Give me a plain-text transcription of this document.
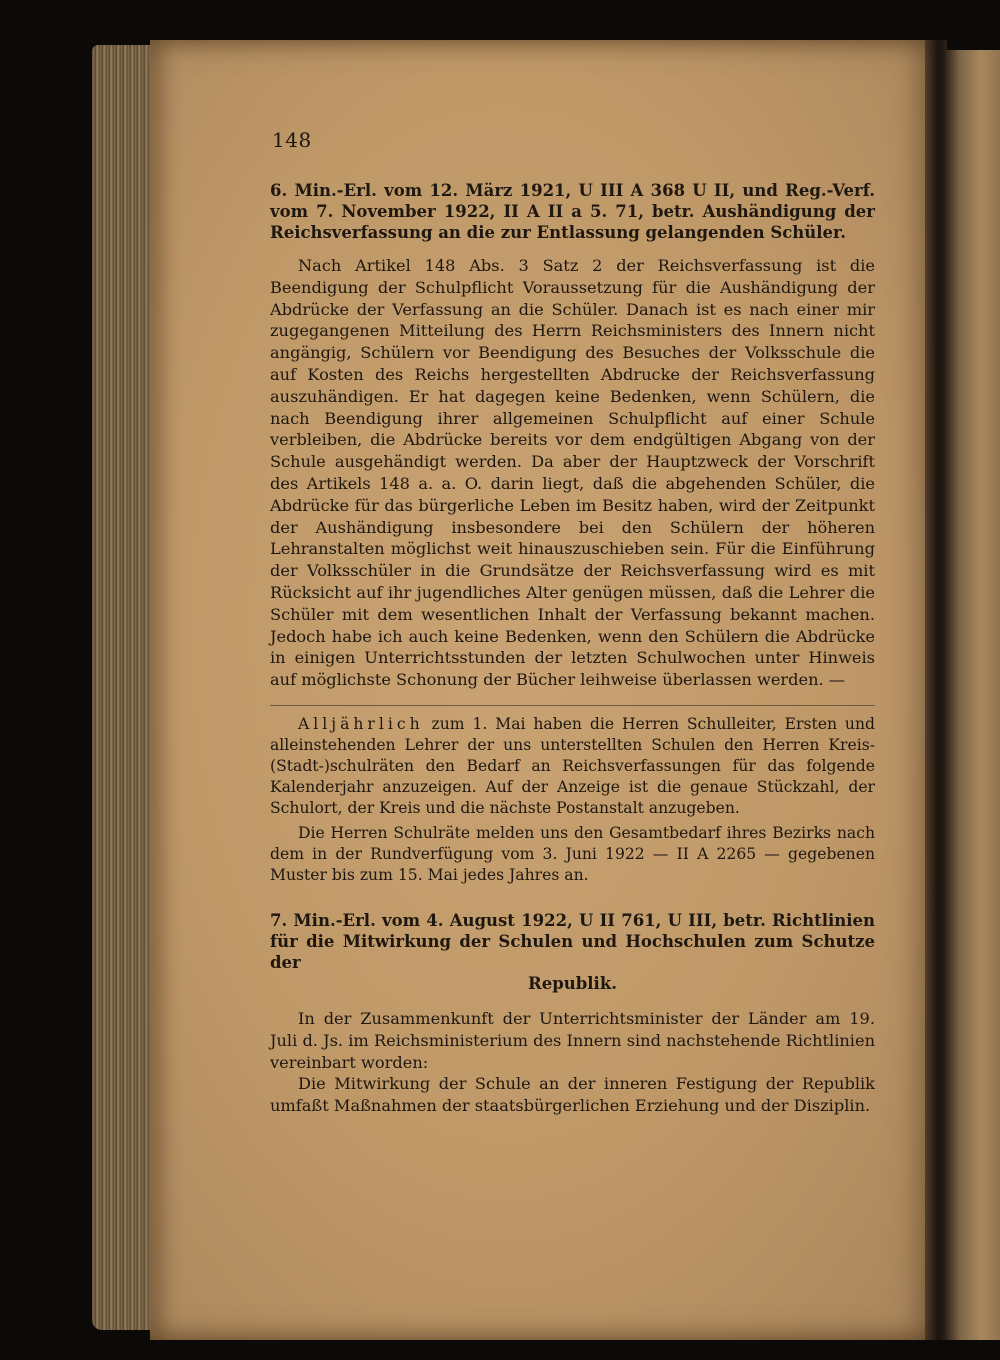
148
6. Min.-Erl. vom 12. März 1921, U III A 368 U II, und Reg.-Verf. vom 7. November 1922, II A II a 5. 71, betr. Aushändigung der Reichsverfassung an die zur Entlassung gelangenden Schüler.

Nach Artikel 148 Abs. 3 Satz 2 der Reichsverfassung ist die Beendigung der Schulpflicht Voraussetzung für die Aushändigung der Abdrücke der Verfassung an die Schüler. Danach ist es nach einer mir zugegangenen Mitteilung des Herrn Reichsministers des Innern nicht angängig, Schülern vor Beendigung des Besuches der Volksschule die auf Kosten des Reichs hergestellten Abdrucke der Reichsverfassung auszuhändigen. Er hat dagegen keine Bedenken, wenn Schülern, die nach Beendigung ihrer allgemeinen Schulpflicht auf einer Schule verbleiben, die Abdrücke bereits vor dem endgültigen Abgang von der Schule ausgehändigt werden. Da aber der Hauptzweck der Vorschrift des Artikels 148 a. a. O. darin liegt, daß die abgehenden Schüler, die Abdrücke für das bürgerliche Leben im Besitz haben, wird der Zeitpunkt der Aushändigung insbesondere bei den Schülern der höheren Lehranstalten möglichst weit hinauszuschieben sein. Für die Einführung der Volksschüler in die Grundsätze der Reichsverfassung wird es mit Rücksicht auf ihr jugendliches Alter genügen müssen, daß die Lehrer die Schüler mit dem wesentlichen Inhalt der Verfassung bekannt machen. Jedoch habe ich auch keine Bedenken, wenn den Schülern die Abdrücke in einigen Unterrichtsstunden der letzten Schulwochen unter Hinweis auf möglichste Schonung der Bücher leihweise überlassen werden. —

Alljährlich zum 1. Mai haben die Herren Schulleiter, Ersten und alleinstehenden Lehrer der uns unterstellten Schulen den Herren Kreis-(Stadt-)schulräten den Bedarf an Reichsverfassungen für das folgende Kalenderjahr anzuzeigen. Auf der Anzeige ist die genaue Stückzahl, der Schulort, der Kreis und die nächste Postanstalt anzugeben.

Die Herren Schulräte melden uns den Gesamtbedarf ihres Bezirks nach dem in der Rundverfügung vom 3. Juni 1922 — II A 2265 — gegebenen Muster bis zum 15. Mai jedes Jahres an.

7. Min.-Erl. vom 4. August 1922, U II 761, U III, betr. Richtlinien für die Mitwirkung der Schulen und Hochschulen zum Schutze der
Republik.

In der Zusammenkunft der Unterrichtsminister der Länder am 19. Juli d. Js. im Reichsministerium des Innern sind nachstehende Richtlinien vereinbart worden:

Die Mitwirkung der Schule an der inneren Festigung der Republik umfaßt Maßnahmen der staatsbürgerlichen Erziehung und der Disziplin.
